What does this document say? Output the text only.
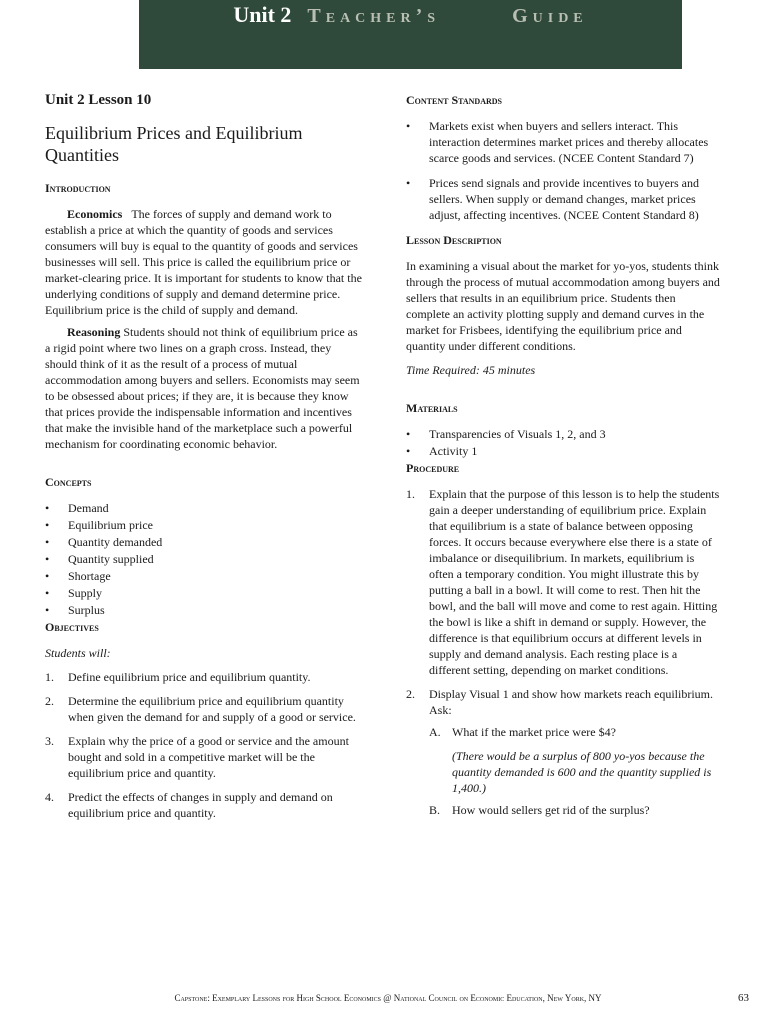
Unit 2 Teacher’s	Guide
Unit 2 Lesson 10
Equilibrium Prices and Equilibrium Quantities
Introduction

Economics The forces of supply and demand work to establish a price at which the quantity of goods and services consumers will buy is equal to the quantity of goods and services businesses will sell. This price is called the equilibrium price or market-clearing price. It is important for students to know that the underlying conditions of supply and demand determine price. Equilibrium price is the child of supply and demand.

Reasoning Students should not think of equilibrium price as a rigid point where two lines on a graph cross. Instead, they should think of it as the result of a process of mutual accommodation among buyers and sellers. Economists may seem to be obsessed about prices; if they are, it is because they know that prices provide the indispensable information and incentives that make the invisible hand of the marketplace such a powerful mechanism for coordinating economic behavior.

Concepts
• Demand
• Equilibrium price
• Quantity demanded
• Quantity supplied
• Shortage
• Supply
• Surplus
Objectives

Students will:

1. Define equilibrium price and equilibrium quantity.
2. Determine the equilibrium price and equilibrium quantity when given the demand for and supply of a good or service.
3. Explain why the price of a good or service and the amount bought and sold in a competitive market will be the equilibrium price and quantity.
4. Predict the effects of changes in supply and demand on equilibrium price and quantity.
Content Standards
• Markets exist when buyers and sellers interact. This interaction determines market prices and thereby allocates scarce goods and services. (NCEE Content Standard 7)
• Prices send signals and provide incentives to buyers and sellers. When supply or demand changes, market prices adjust, affecting incentives. (NCEE Content Standard 8)
Lesson Description

In examining a visual about the market for yo-yos, students think through the process of mutual accommodation among buyers and sellers that results in an equilibrium price. Students then complete an activity plotting supply and demand curves in the market for Frisbees, identifying the equilibrium price and quantity under different conditions.

Time Required: 45 minutes

Materials
• Transparencies of Visuals 1, 2, and 3
• Activity 1
Procedure
1. Explain that the purpose of this lesson is to help the students gain a deeper understanding of equilibrium price. Explain that equilibrium is a state of balance between opposing forces. It occurs because everywhere else there is a state of imbalance or disequilibrium. In markets, equilibrium is often a temporary condition. You might illustrate this by putting a ball in a bowl. It will come to rest. Then hit the bowl, and the ball will move and come to rest again. Hitting the bowl is like a shift in demand or supply. However, the difference is that equilibrium occurs at different levels in supply and demand analysis. Each resting place is a different setting, depending on market conditions.
2. Display Visual 1 and show how markets reach equilibrium. Ask:
A. What if the market price were $4?
(There would be a surplus of 800 yo-yos because the quantity demanded is 600 and the quantity supplied is 1,400.)
B. How would sellers get rid of the surplus?
Capstone: Exemplary Lessons for High School Economics @ National Council on Economic Education, New York, NY	63
